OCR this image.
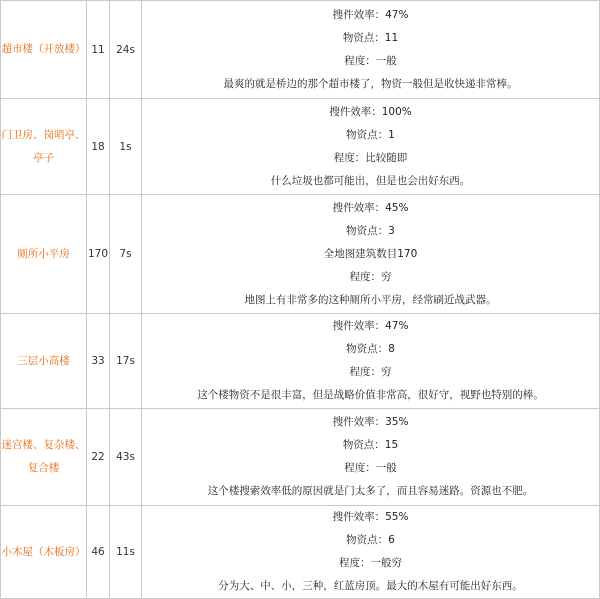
超市楼（开放楼）	11	24s	搜件效率：47%
物资点：11
程度：一般
最爽的就是桥边的那个超市楼了，物资一般但是收快递非常棒。

门卫房、岗哨亭、亭子	18	1s	搜件效率：100%
物资点：1
程度：比较随即
什么垃圾也都可能出，但是也会出好东西。

厕所小平房	170	7s	搜件效率：45%
物资点：3
全地图建筑数目170
程度：穷
地图上有非常多的这种厕所小平房，经常刷近战武器。

三层小高楼	33	17s	搜件效率：47%
物资点：8
程度：穷
这个楼物资不是很丰富，但是战略价值非常高，很好守，视野也特别的棒。

迷宫楼、复杂楼、复合楼	22	43s	搜件效率：35%
物资点：15
程度：一般
这个楼搜索效率低的原因就是门太多了，而且容易迷路。资源也不肥。

小木屋（木板房）	46	11s	搜件效率：55%
物资点：6
程度：一般穷
分为大、中、小，三种，红蓝房顶。最大的木屋有可能出好东西。
